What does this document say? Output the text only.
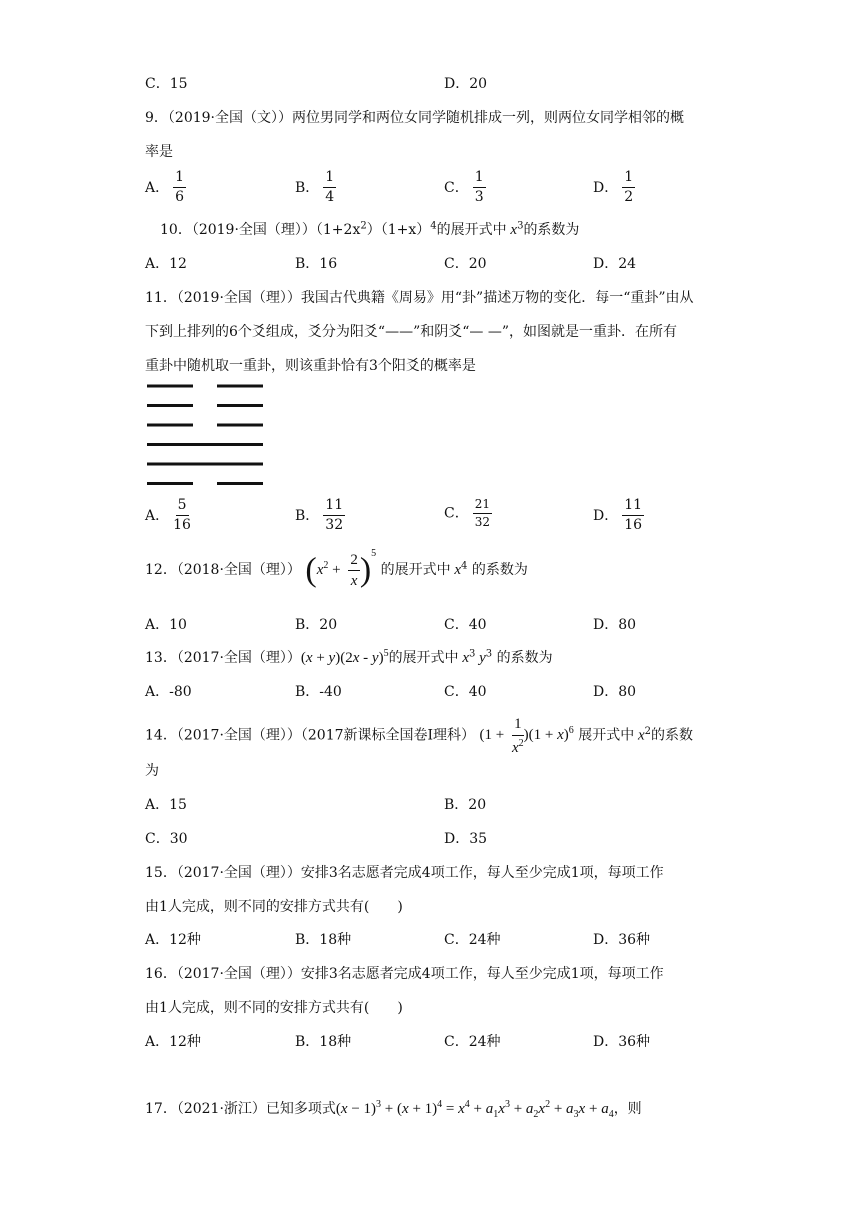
C．15	D．20
9．（2019·全国（文））两位男同学和两位女同学随机排成一列，则两位女同学相邻的概
率是
A． $\frac{1}{6}$	B． $\frac{1}{4}$	C． $\frac{1}{3}$	D． $\frac{1}{2}$
10．（2019·全国（理））$(1+2x^2)(1+x)^4$的展开式中 $x^3$的系数为
A．12	B．16	C．20	D．24
11．（2019·全国（理））我国古代典籍《周易》用“卦”描述万物的变化．每一“重卦”由从
下到上排列的6个爻组成，爻分为阳爻“——”和阴爻“— —”，如图就是一重卦．在所有
重卦中随机取一重卦，则该重卦恰有3个阳爻的概率是
A． $\frac{5}{16}$	B． $\frac{11}{32}$	C． $\frac{21}{32}$	D． $\frac{11}{16}$
12．（2018·全国（理）） $(x^2 + \frac{2}{x} )^5$ 的展开式中 $x^4$ 的系数为
A．10	B．20	C．40	D．80
13．（2017·全国（理））(x + y)(2x - y)$^5$的展开式中 $x^3$ $y^3$ 的系数为
A．-80	B．-40	C．40	D．80
14．（2017·全国（理））（2017新课标全国卷Ⅰ理科） $(1 + \frac{1}{x^2} )(1 + x)^6$ 展开式中 $x^2$的系数
为
A．15	B．20
C．30	D．35
15．（2017·全国（理））安排3名志愿者完成4项工作，每人至少完成1项，每项工作
由1人完成，则不同的安排方式共有(　　)
A．12种	B．18种	C．24种	D．36种
16．（2017·全国（理））安排3名志愿者完成4项工作，每人至少完成1项，每项工作
由1人完成，则不同的安排方式共有(　　)
A．12种	B．18种	C．24种	D．36种
17．（2021·浙江）已知多项式$(x - 1)^3 + (x + 1)^4 = x^4 + a_1x^3 + a_2x^2 + a_3x + a_4$，则
